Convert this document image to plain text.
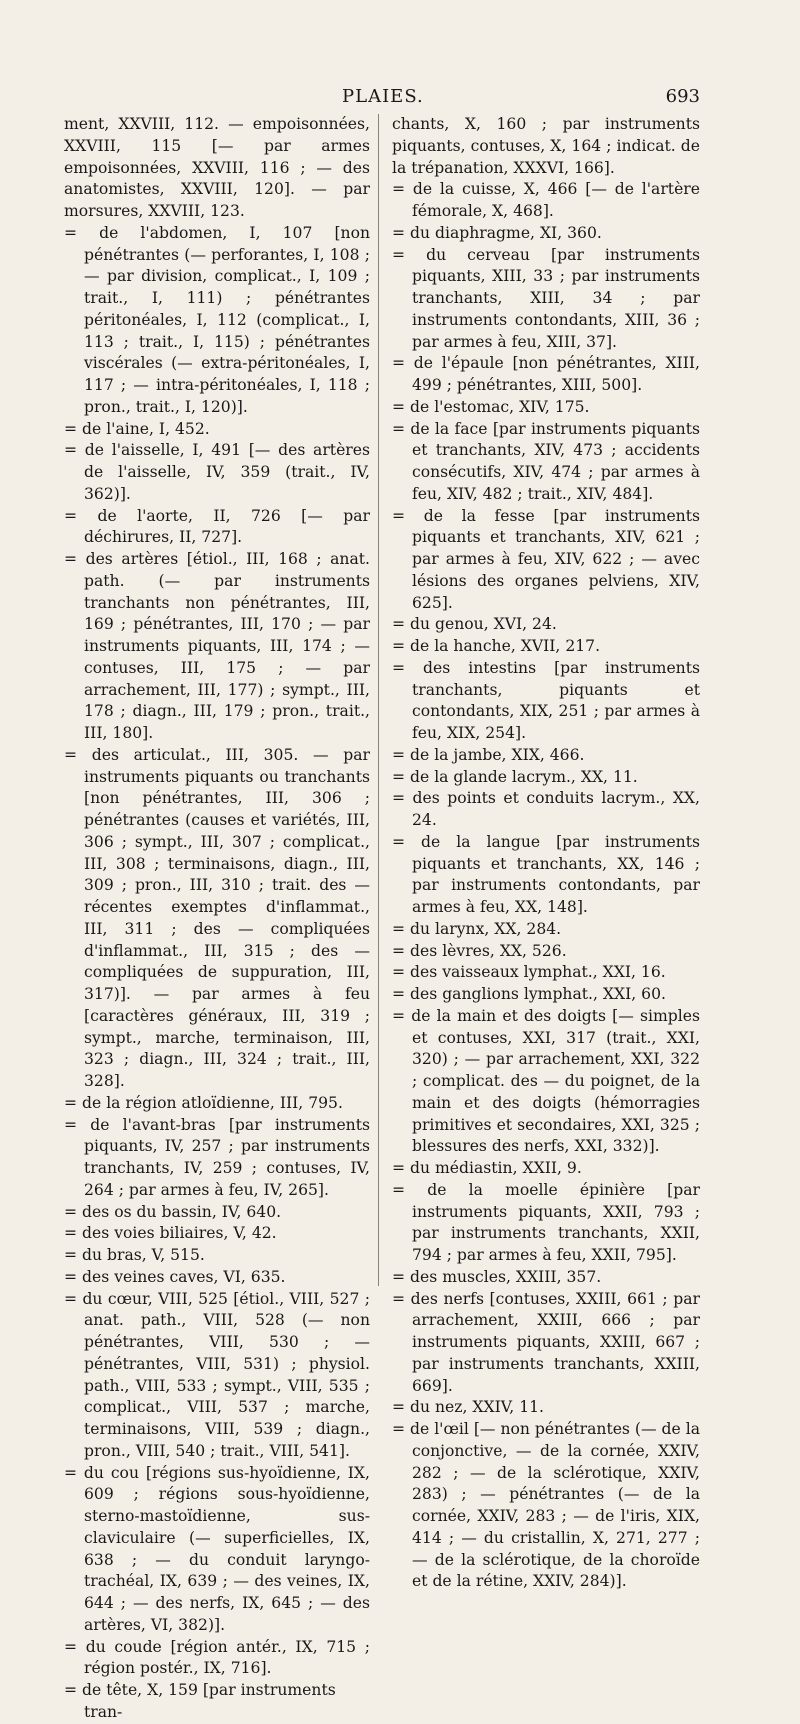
PLAIES.	693

ment, XXVIII, 112. — empoisonnées, XXVIII, 115 [— par armes empoisonnées, XXVIII, 116 ; — des anatomistes, XXVIII, 120]. — par morsures, XXVIII, 123.

= de l'abdomen, I, 107 [non pénétrantes (— perforantes, I, 108 ; — par division, complicat., I, 109 ; trait., I, 111) ; pénétrantes péritonéales, I, 112 (complicat., I, 113 ; trait., I, 115) ; pénétrantes viscérales (— extra-péritonéales, I, 117 ; — intra-péritonéales, I, 118 ; pron., trait., I, 120)].

= de l'aine, I, 452.

= de l'aisselle, I, 491 [— des artères de l'aisselle, IV, 359 (trait., IV, 362)].

= de l'aorte, II, 726 [— par déchirures, II, 727].

= des artères [étiol., III, 168 ; anat. path. (— par instruments tranchants non pénétrantes, III, 169 ; pénétrantes, III, 170 ; — par instruments piquants, III, 174 ; — contuses, III, 175 ; — par arrachement, III, 177) ; sympt., III, 178 ; diagn., III, 179 ; pron., trait., III, 180].

= des articulat., III, 305. — par instruments piquants ou tranchants [non pénétrantes, III, 306 ; pénétrantes (causes et variétés, III, 306 ; sympt., III, 307 ; complicat., III, 308 ; terminaisons, diagn., III, 309 ; pron., III, 310 ; trait. des — récentes exemptes d'inflammat., III, 311 ; des — compliquées d'inflammat., III, 315 ; des — compliquées de suppuration, III, 317)]. — par armes à feu [caractères généraux, III, 319 ; sympt., marche, terminaison, III, 323 ; diagn., III, 324 ; trait., III, 328].

= de la région atloïdienne, III, 795.

= de l'avant-bras [par instruments piquants, IV, 257 ; par instruments tranchants, IV, 259 ; contuses, IV, 264 ; par armes à feu, IV, 265].

= des os du bassin, IV, 640.

= des voies biliaires, V, 42.

= du bras, V, 515.

= des veines caves, VI, 635.

= du cœur, VIII, 525 [étiol., VIII, 527 ; anat. path., VIII, 528 (— non pénétrantes, VIII, 530 ; — pénétrantes, VIII, 531) ; physiol. path., VIII, 533 ; sympt., VIII, 535 ; complicat., VIII, 537 ; marche, terminaisons, VIII, 539 ; diagn., pron., VIII, 540 ; trait., VIII, 541].

= du cou [régions sus-hyoïdienne, IX, 609 ; régions sous-hyoïdienne, sterno-mastoïdienne, sus-claviculaire (— superficielles, IX, 638 ; — du conduit laryngo-trachéal, IX, 639 ; — des veines, IX, 644 ; — des nerfs, IX, 645 ; — des artères, VI, 382)].

= du coude [région antér., IX, 715 ; région postér., IX, 716].

= de tête, X, 159 [par instruments tran-

chants, X, 160 ; par instruments piquants, contuses, X, 164 ; indicat. de la trépanation, XXXVI, 166].

= de la cuisse, X, 466 [— de l'artère fémorale, X, 468].

= du diaphragme, XI, 360.

= du cerveau [par instruments piquants, XIII, 33 ; par instruments tranchants, XIII, 34 ; par instruments contondants, XIII, 36 ; par armes à feu, XIII, 37].

= de l'épaule [non pénétrantes, XIII, 499 ; pénétrantes, XIII, 500].

= de l'estomac, XIV, 175.

= de la face [par instruments piquants et tranchants, XIV, 473 ; accidents consécutifs, XIV, 474 ; par armes à feu, XIV, 482 ; trait., XIV, 484].

= de la fesse [par instruments piquants et tranchants, XIV, 621 ; par armes à feu, XIV, 622 ; — avec lésions des organes pelviens, XIV, 625].

= du genou, XVI, 24.

= de la hanche, XVII, 217.

= des intestins [par instruments tranchants, piquants et contondants, XIX, 251 ; par armes à feu, XIX, 254].

= de la jambe, XIX, 466.

= de la glande lacrym., XX, 11.

= des points et conduits lacrym., XX, 24.

= de la langue [par instruments piquants et tranchants, XX, 146 ; par instruments contondants, par armes à feu, XX, 148].

= du larynx, XX, 284.

= des lèvres, XX, 526.

= des vaisseaux lymphat., XXI, 16.

= des ganglions lymphat., XXI, 60.

= de la main et des doigts [— simples et contuses, XXI, 317 (trait., XXI, 320) ; — par arrachement, XXI, 322 ; complicat. des — du poignet, de la main et des doigts (hémorragies primitives et secondaires, XXI, 325 ; blessures des nerfs, XXI, 332)].

= du médiastin, XXII, 9.

= de la moelle épinière [par instruments piquants, XXII, 793 ; par instruments tranchants, XXII, 794 ; par armes à feu, XXII, 795].

= des muscles, XXIII, 357.

= des nerfs [contuses, XXIII, 661 ; par arrachement, XXIII, 666 ; par instruments piquants, XXIII, 667 ; par instruments tranchants, XXIII, 669].

= du nez, XXIV, 11.

= de l'œil [— non pénétrantes (— de la conjonctive, — de la cornée, XXIV, 282 ; — de la sclérotique, XXIV, 283) ; — pénétrantes (— de la cornée, XXIV, 283 ; — de l'iris, XIX, 414 ; — du cristallin, X, 271, 277 ; — de la sclérotique, de la choroïde et de la rétine, XXIV, 284)].
